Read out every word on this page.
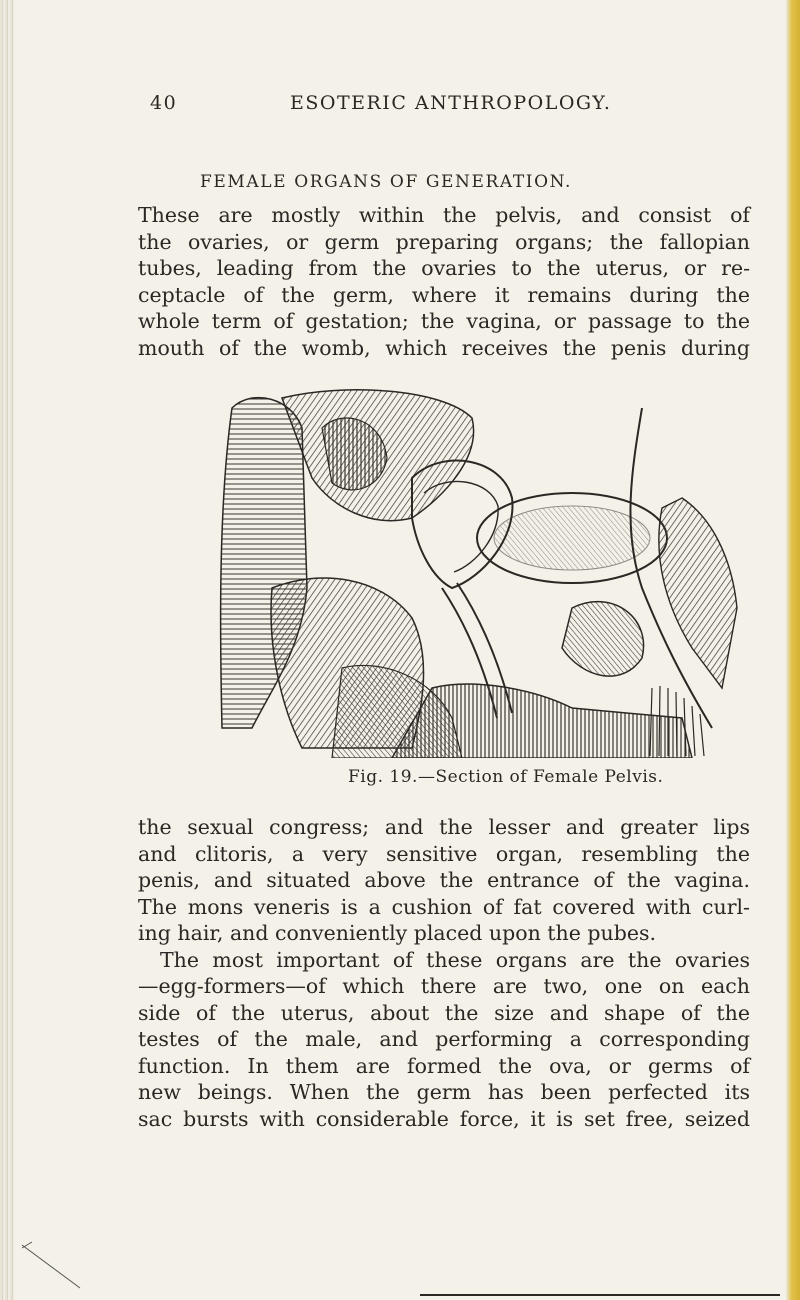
40	ESOTERIC ANTHROPOLOGY.
FEMALE ORGANS OF GENERATION.
These are mostly within the pelvis, and consist of
the ovaries, or germ preparing organs; the fallopian
tubes, leading from the ovaries to the uterus, or re-
ceptacle of the germ, where it remains during the
whole term of gestation; the vagina, or passage to the
mouth of the womb, which receives the penis during
Fig. 19.—Section of Female Pelvis.
the sexual congress; and the lesser and greater lips
and clitoris, a very sensitive organ, resembling the
penis, and situated above the entrance of the vagina.
The mons veneris is a cushion of fat covered with curl-
ing hair, and conveniently placed upon the pubes.
The most important of these organs are the ovaries
—egg-formers—of which there are two, one on each
side of the uterus, about the size and shape of the
testes of the male, and performing a corresponding
function. In them are formed the ova, or germs of
new beings. When the germ has been perfected its
sac bursts with considerable force, it is set free, seized
